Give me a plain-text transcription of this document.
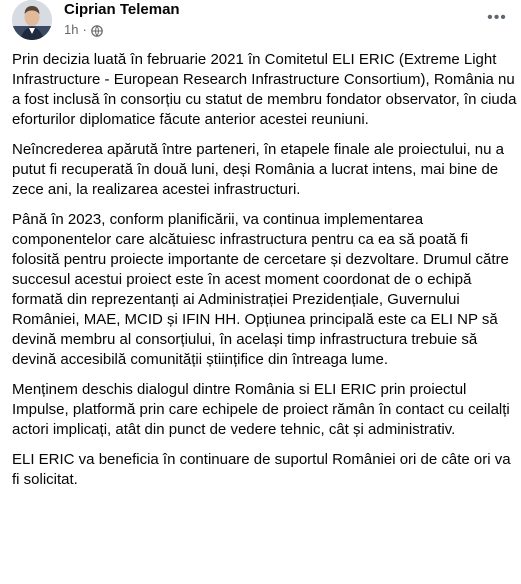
Ciprian Teleman
1h ·
•••

Prin decizia luată în februarie 2021 în Comitetul ELI ERIC (Extreme Light Infrastructure - European Research Infrastructure Consortium), România nu a fost inclusă în consorțiu cu statut de membru fondator observator, în ciuda eforturilor diplomatice făcute anterior acestei reuniuni.

Neîncrederea apărută între parteneri, în etapele finale ale proiectului, nu a putut fi recuperată în două luni, deși România a lucrat intens, mai bine de zece ani, la realizarea acestei infrastructuri.

Până în 2023, conform planificării, va continua implementarea componentelor care alcătuiesc infrastructura pentru ca ea să poată fi folosită pentru proiecte importante de cercetare și dezvoltare. Drumul către succesul acestui proiect este în acest moment coordonat de o echipă formată din reprezentanți ai Administrației Prezidențiale, Guvernului României, MAE, MCID și IFIN HH. Opțiunea principală este ca ELI NP să devină membru al consorțiului, în același timp infrastructura trebuie să devină accesibilă comunității științifice din întreaga lume.

Menținem deschis dialogul dintre România si ELI ERIC prin proiectul Impulse, platformă prin care echipele de proiect rămân în contact cu ceilalți actori implicați, atât din punct de vedere tehnic, cât și administrativ.

ELI ERIC va beneficia în continuare de suportul României ori de câte ori va fi solicitat.
